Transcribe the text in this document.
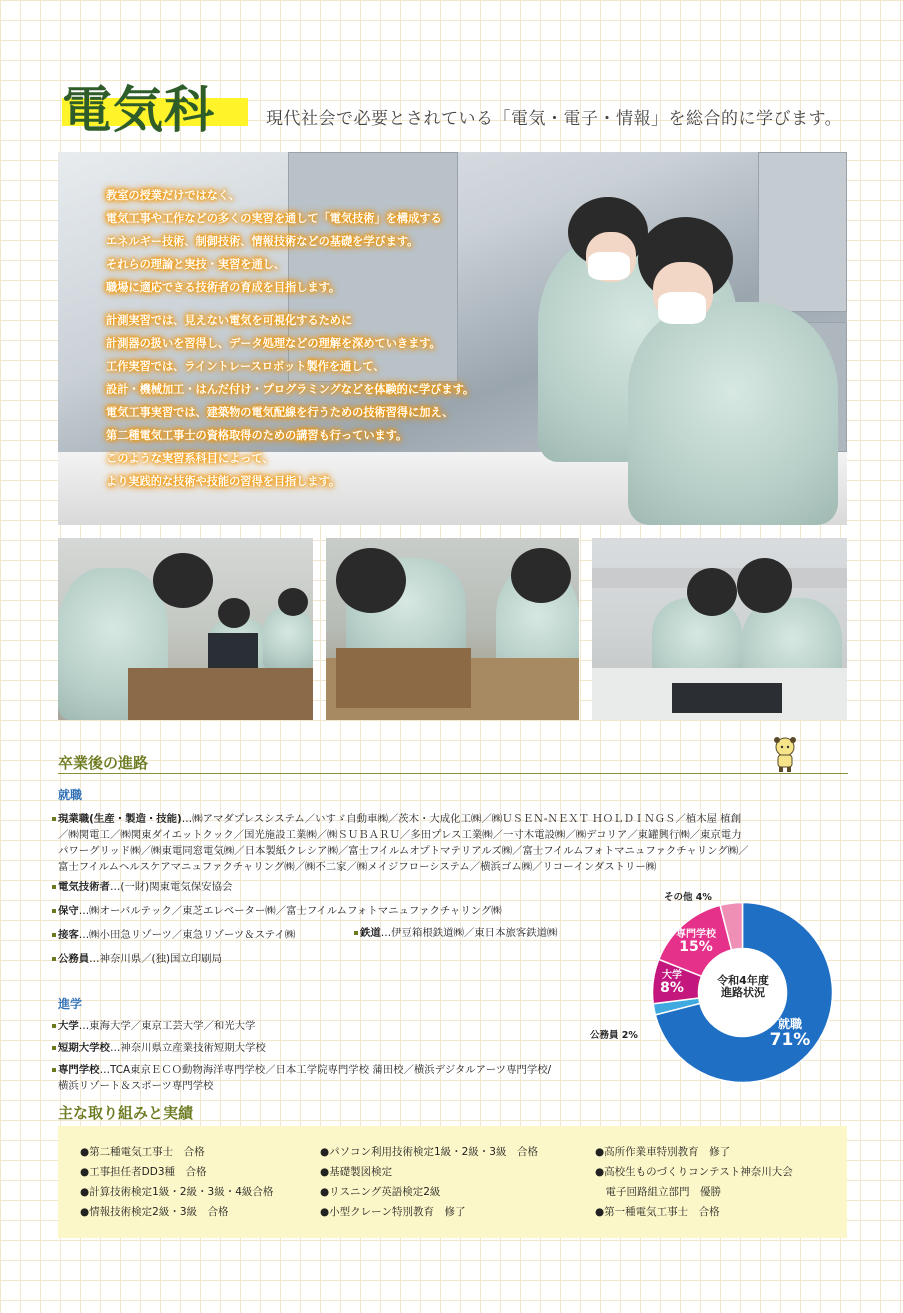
電気科	現代社会で必要とされている「電気・電子・情報」を総合的に学びます。
教室の授業だけではなく、
電気工事や工作などの多くの実習を通して「電気技術」を構成する
エネルギー技術、制御技術、情報技術などの基礎を学びます。
それらの理論と実技・実習を通し、
職場に適応できる技術者の育成を目指します。
計測実習では、見えない電気を可視化するために
計測器の扱いを習得し、データ処理などの理解を深めていきます。
工作実習では、ライントレースロボット製作を通して、
設計・機械加工・はんだ付け・プログラミングなどを体験的に学びます。
電気工事実習では、建築物の電気配線を行うための技術習得に加え、
第二種電気工事士の資格取得のための講習も行っています。
このような実習系科目によって、
より実践的な技術や技能の習得を目指します。
卒業後の進路
就職
現業職(生産・製造・技能)…㈱アマダプレスシステム／いすゞ自動車㈱／茨木・大成化工㈱／㈱ＵＳＥＮ-ＮＥＸＴ ＨＯＬＤＩＮＧＳ／植木屋 植創
／㈱関電工／㈱関東ダイエットクック／国光施設工業㈱／㈱ＳＵＢＡＲＵ／多田プレス工業㈱／一寸木電設㈱／㈱デコリア／東罐興行㈱／東京電力
パワーグリッド㈱／㈱東電同窓電気㈱／日本製紙クレシア㈱／富士フイルムオプトマテリアルズ㈱／富士フイルムフォトマニュファクチャリング㈱／
富士フイルムヘルスケアマニュファクチャリング㈱／㈱不二家／㈱メイジフローシステム／横浜ゴム㈱／リコーインダストリー㈱
電気技術者…(一財)関東電気保安協会
保守…㈱オーバルテック／東芝エレベーター㈱／富士フイルムフォトマニュファクチャリング㈱
接客…㈱小田急リゾーツ／東急リゾーツ＆ステイ㈱	鉄道…伊豆箱根鉄道㈱／東日本旅客鉄道㈱
公務員…神奈川県／(独)国立印刷局
進学
大学…東海大学／東京工芸大学／和光大学
短期大学校…神奈川県立産業技術短期大学校
専門学校…TCA東京ＥＣＯ動物海洋専門学校／日本工学院専門学校 蒲田校／横浜デジタルアーツ専門学校/
横浜リゾート＆スポーツ専門学校
令和4年度
進路状況
就職
71%
大学
8%
専門学校
15%
その他 4%
公務員 2%
主な取り組みと実績
●第二種電気工事士　合格
●工事担任者DD3種　合格
●計算技術検定1級・2級・3級・4級合格
●情報技術検定2級・3級　合格
●パソコン利用技術検定1級・2級・3級　合格
●基礎製図検定
●リスニング英語検定2級
●小型クレーン特別教育　修了
●高所作業車特別教育　修了
●高校生ものづくりコンテスト神奈川大会
　電子回路組立部門　優勝
●第一種電気工事士　合格
